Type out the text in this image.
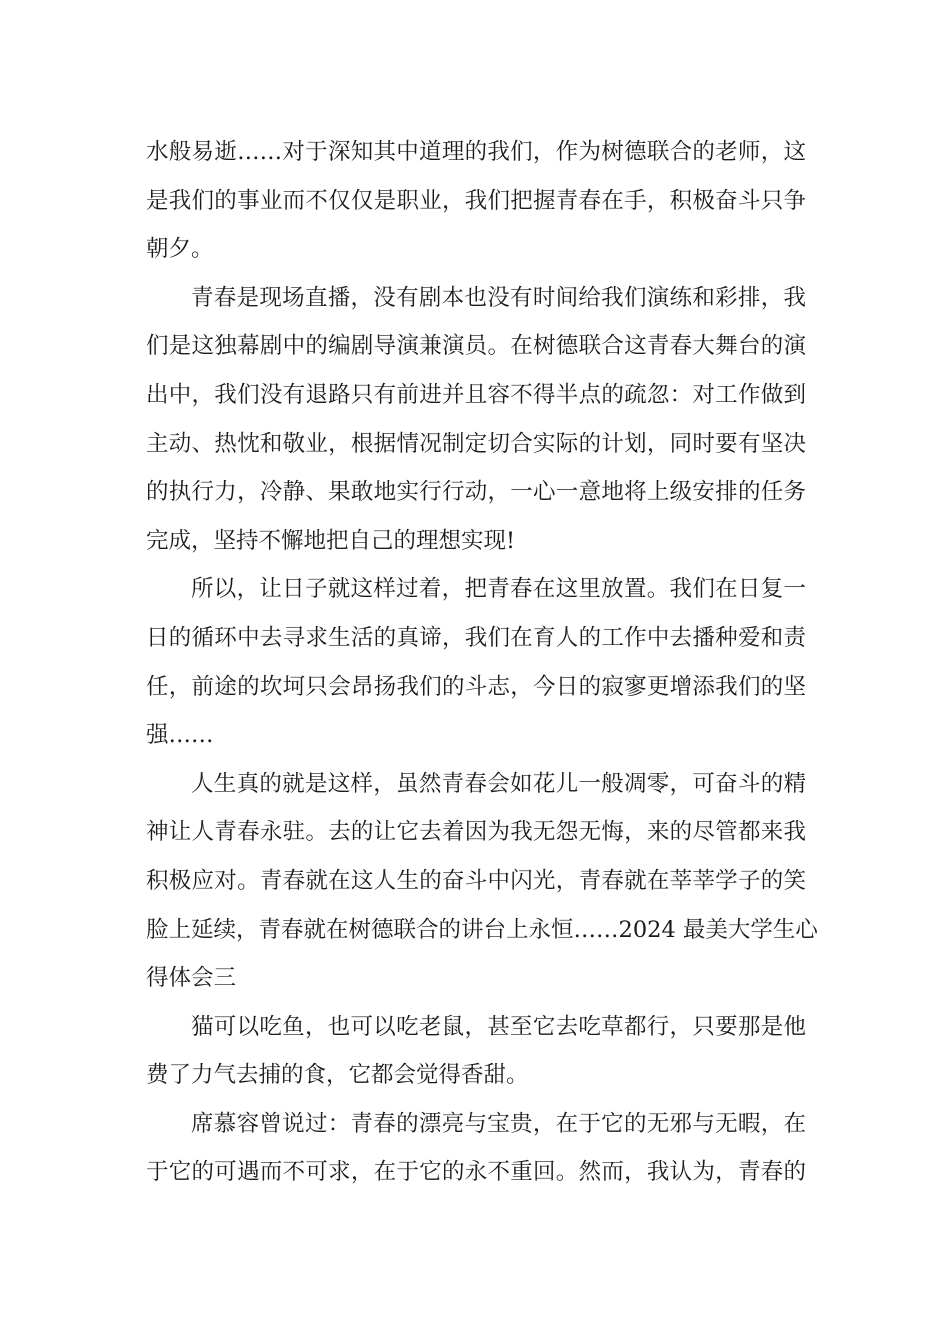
水般易逝……对于深知其中道理的我们，作为树德联合的老师，这
是我们的事业而不仅仅是职业，我们把握青春在手，积极奋斗只争
朝夕。
青春是现场直播，没有剧本也没有时间给我们演练和彩排，我
们是这独幕剧中的编剧导演兼演员。在树德联合这青春大舞台的演
出中，我们没有退路只有前进并且容不得半点的疏忽：对工作做到
主动、热忱和敬业，根据情况制定切合实际的计划，同时要有坚决
的执行力，冷静、果敢地实行行动，一心一意地将上级安排的任务
完成，坚持不懈地把自己的理想实现!
所以，让日子就这样过着，把青春在这里放置。我们在日复一
日的循环中去寻求生活的真谛，我们在育人的工作中去播种爱和责
任，前途的坎坷只会昂扬我们的斗志，今日的寂寥更增添我们的坚
强……
人生真的就是这样，虽然青春会如花儿一般凋零，可奋斗的精
神让人青春永驻。去的让它去着因为我无怨无悔，来的尽管都来我
积极应对。青春就在这人生的奋斗中闪光，青春就在莘莘学子的笑
脸上延续，青春就在树德联合的讲台上永恒……2024 最美大学生心
得体会三
猫可以吃鱼，也可以吃老鼠，甚至它去吃草都行，只要那是他
费了力气去捕的食，它都会觉得香甜。
席慕容曾说过：青春的漂亮与宝贵，在于它的无邪与无暇，在
于它的可遇而不可求，在于它的永不重回。然而，我认为，青春的
